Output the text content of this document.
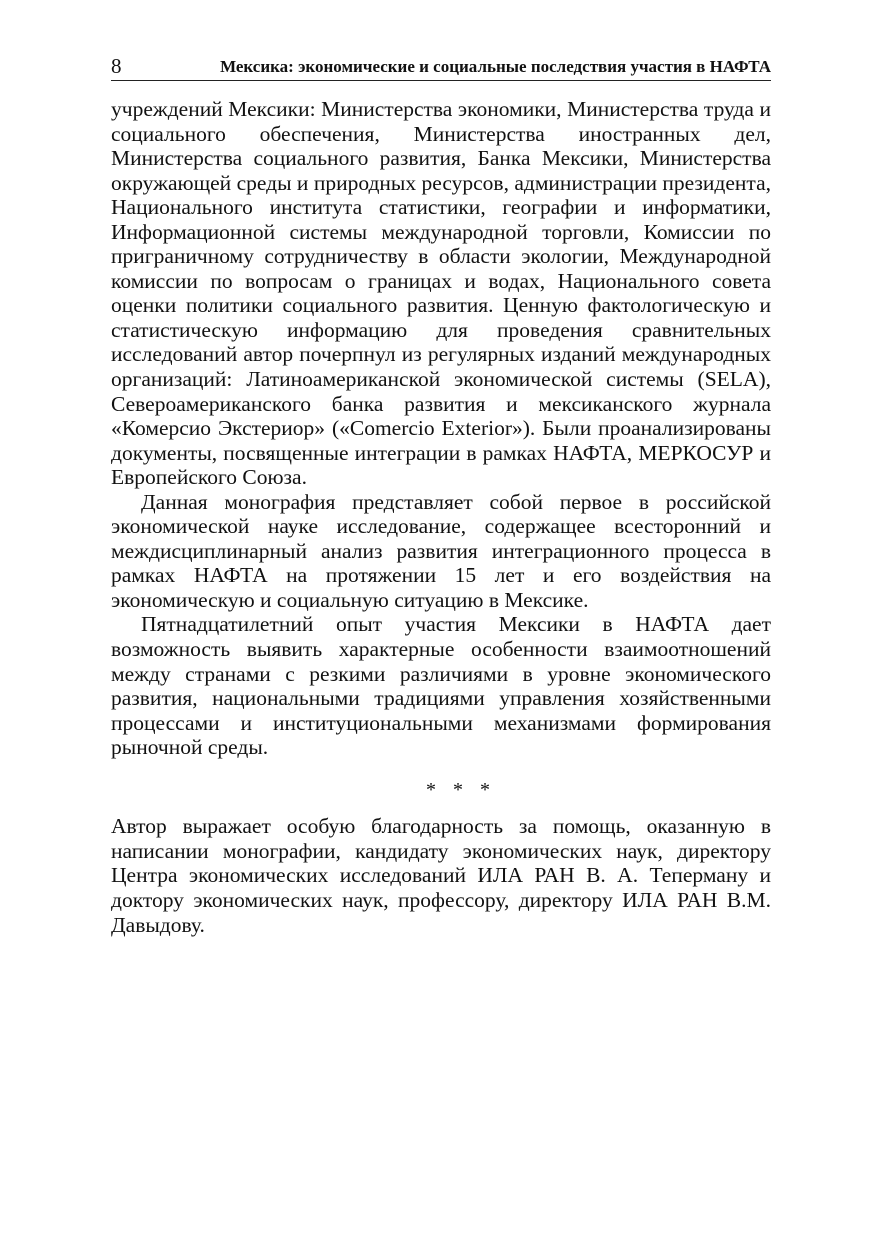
8	Мексика: экономические и социальные последствия участия в НАФТА

учреждений Мексики: Министерства экономики, Министерства труда и социального обеспечения, Министерства иностранных дел, Министерства социального развития, Банка Мексики, Министерства окружающей среды и природных ресурсов, администрации президента, Национального института статистики, географии и информатики, Информационной системы международной торговли, Комиссии по приграничному сотрудничеству в области экологии, Международной комиссии по вопросам о границах и водах, Национального совета оценки политики социального развития. Ценную фактологическую и статистическую информацию для проведения сравнительных исследований автор почерпнул из регулярных изданий международных организаций: Латиноамериканской экономической системы (SELA), Североамериканского банка развития и мексиканского журнала «Комерсио Экстериор» («Comercio Exterior»). Были проанализированы документы, посвященные интеграции в рамках НАФТА, МЕРКОСУР и Европейского Союза.

Данная монография представляет собой первое в российской экономической науке исследование, содержащее всесторонний и междисциплинарный анализ развития интеграционного процесса в рамках НАФТА на протяжении 15 лет и его воздействия на экономическую и социальную ситуацию в Мексике.

Пятнадцатилетний опыт участия Мексики в НАФТА дает возможность выявить характерные особенности взаимоотношений между странами с резкими различиями в уровне экономического развития, национальными традициями управления хозяйственными процессами и институциональными механизмами формирования рыночной среды.

* * *

Автор выражает особую благодарность за помощь, оказанную в написании монографии, кандидату экономических наук, директору Центра экономических исследований ИЛА РАН В. А. Теперману и доктору экономических наук, профессору, директору ИЛА РАН В.М. Давыдову.
